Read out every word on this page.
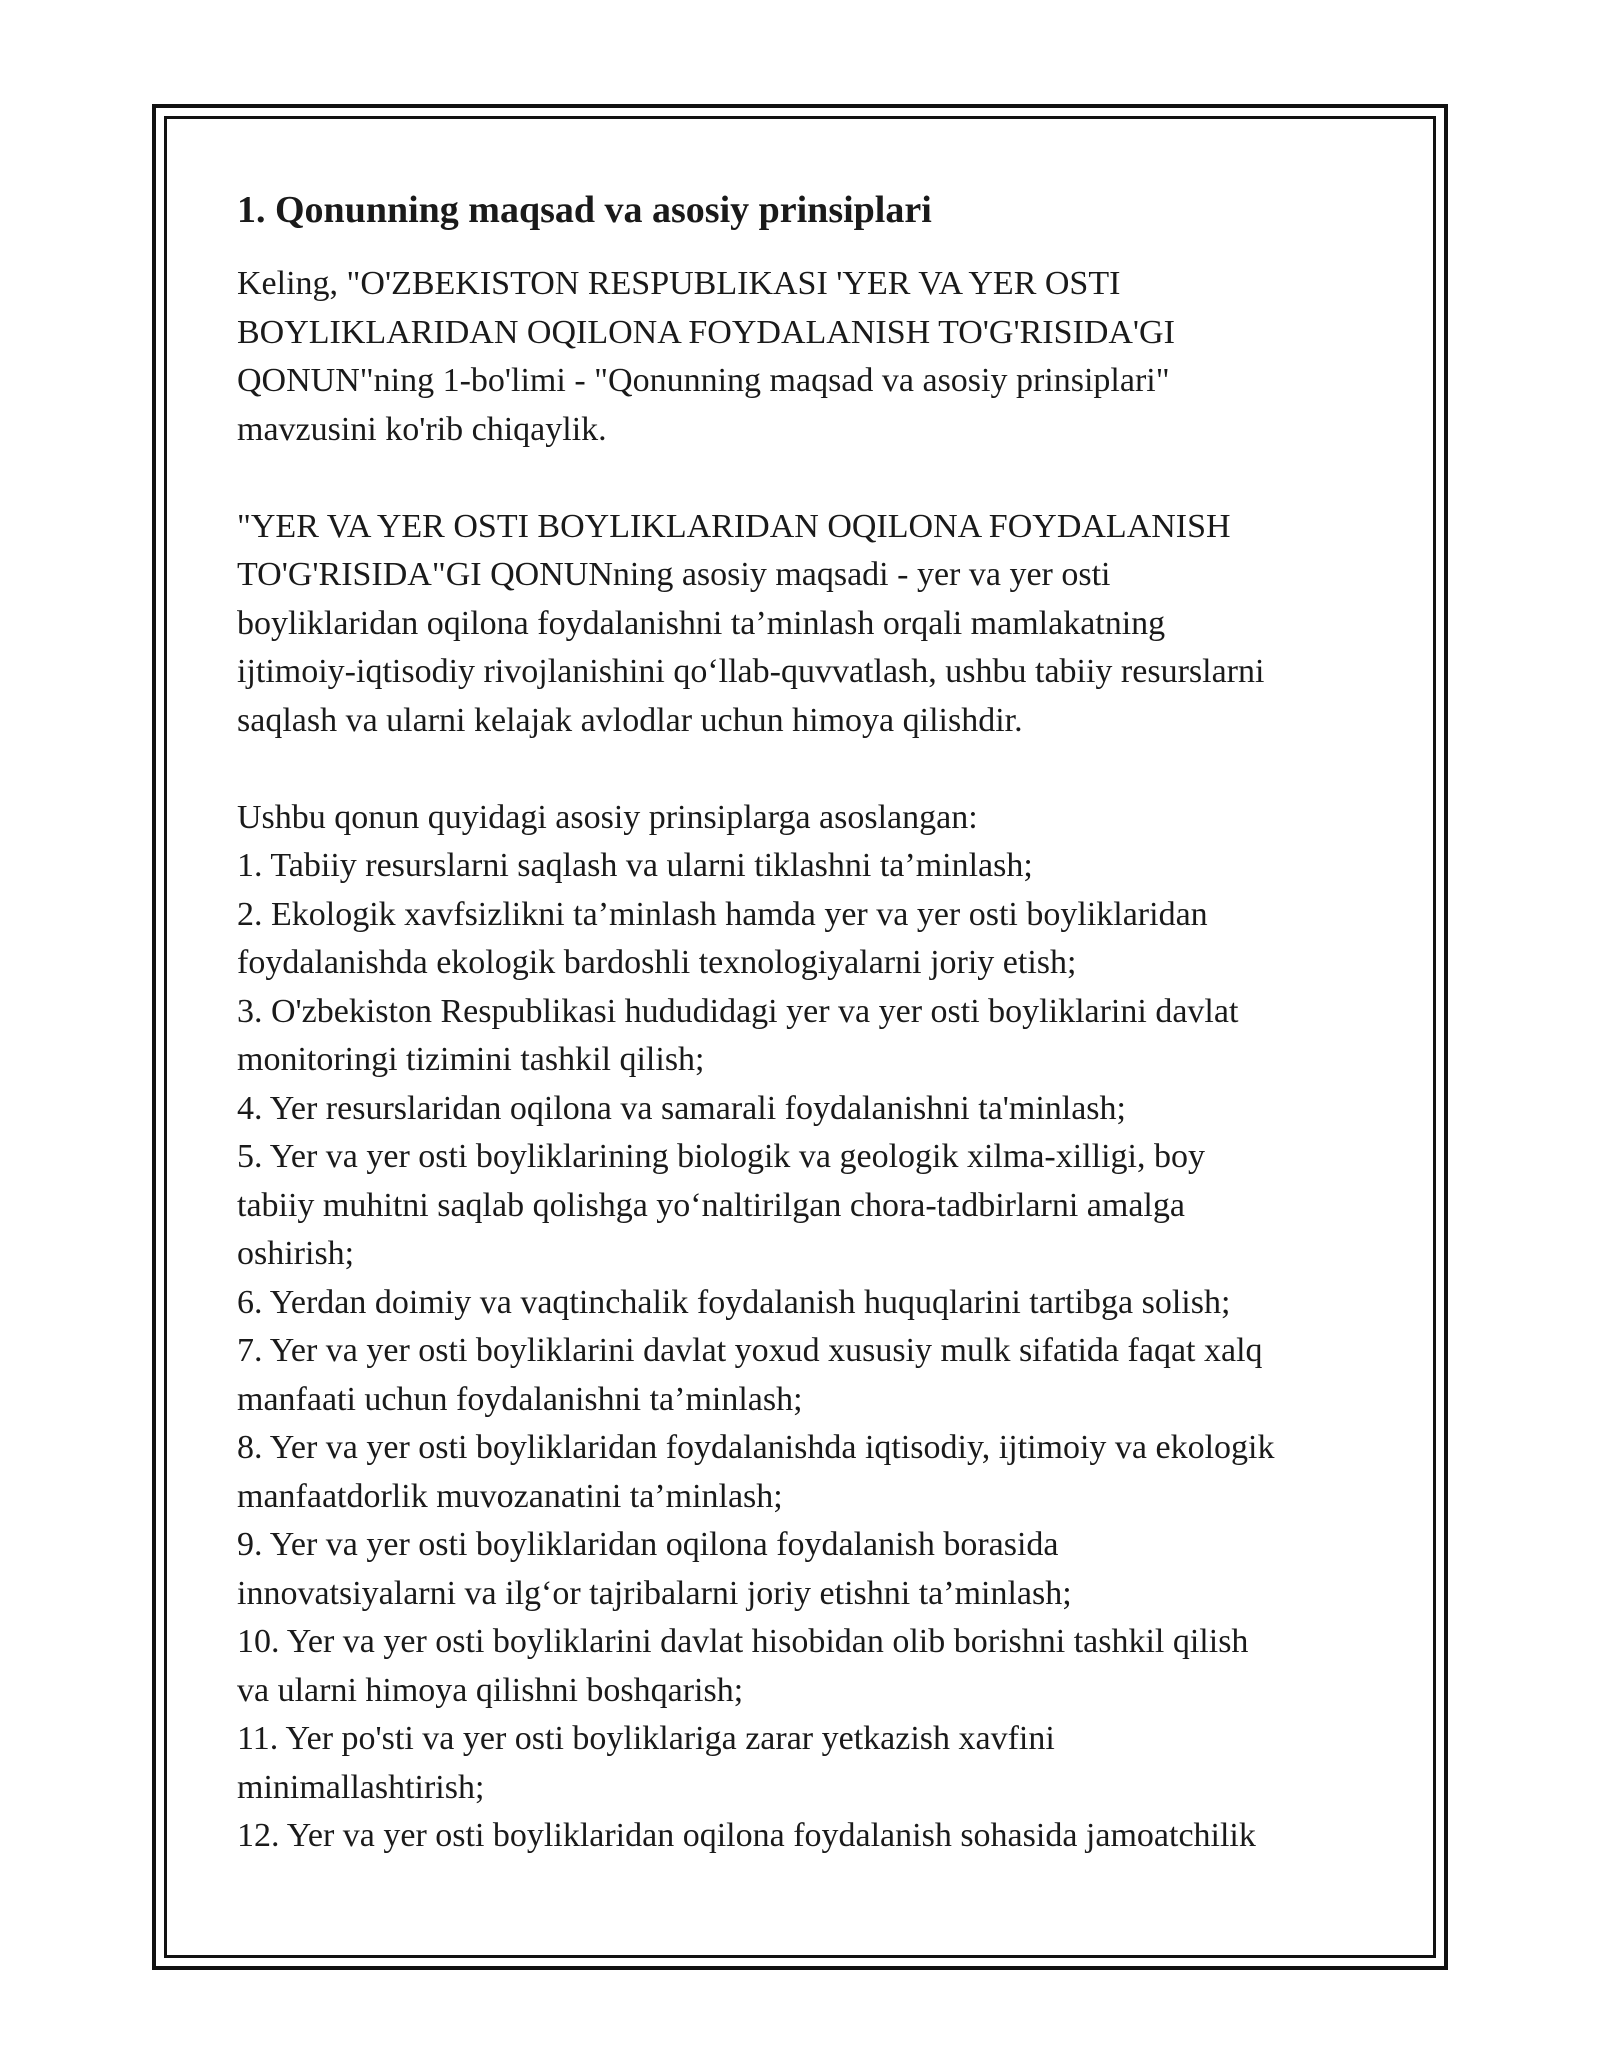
1. Qonunning maqsad va asosiy prinsiplari

Keling, "O'ZBEKISTON RESPUBLIKASI 'YER VA YER OSTI
BOYLIKLARIDAN OQILONA FOYDALANISH TO'G'RISIDA'GI
QONUN"ning 1-bo'limi - "Qonunning maqsad va asosiy prinsiplari"
mavzusini ko'rib chiqaylik.

"YER VA YER OSTI BOYLIKLARIDAN OQILONA FOYDALANISH
TO'G'RISIDA"GI QONUNning asosiy maqsadi - yer va yer osti
boyliklaridan oqilona foydalanishni ta’minlash orqali mamlakatning
ijtimoiy-iqtisodiy rivojlanishini qo‘llab-quvvatlash, ushbu tabiiy resurslarni
saqlash va ularni kelajak avlodlar uchun himoya qilishdir.

Ushbu qonun quyidagi asosiy prinsiplarga asoslangan:

1. Tabiiy resurslarni saqlash va ularni tiklashni ta’minlash;

2. Ekologik xavfsizlikni ta’minlash hamda yer va yer osti boyliklaridan
foydalanishda ekologik bardoshli texnologiyalarni joriy etish;

3. O'zbekiston Respublikasi hududidagi yer va yer osti boyliklarini davlat
monitoringi tizimini tashkil qilish;

4. Yer resurslaridan oqilona va samarali foydalanishni ta'minlash;

5. Yer va yer osti boyliklarining biologik va geologik xilma-xilligi, boy
tabiiy muhitni saqlab qolishga yo‘naltirilgan chora-tadbirlarni amalga
oshirish;

6. Yerdan doimiy va vaqtinchalik foydalanish huquqlarini tartibga solish;

7. Yer va yer osti boyliklarini davlat yoxud xususiy mulk sifatida faqat xalq
manfaati uchun foydalanishni ta’minlash;

8. Yer va yer osti boyliklaridan foydalanishda iqtisodiy, ijtimoiy va ekologik
manfaatdorlik muvozanatini ta’minlash;

9. Yer va yer osti boyliklaridan oqilona foydalanish borasida
innovatsiyalarni va ilg‘or tajribalarni joriy etishni ta’minlash;

10. Yer va yer osti boyliklarini davlat hisobidan olib borishni tashkil qilish
va ularni himoya qilishni boshqarish;

11. Yer po'sti va yer osti boyliklariga zarar yetkazish xavfini
minimallashtirish;

12. Yer va yer osti boyliklaridan oqilona foydalanish sohasida jamoatchilik
